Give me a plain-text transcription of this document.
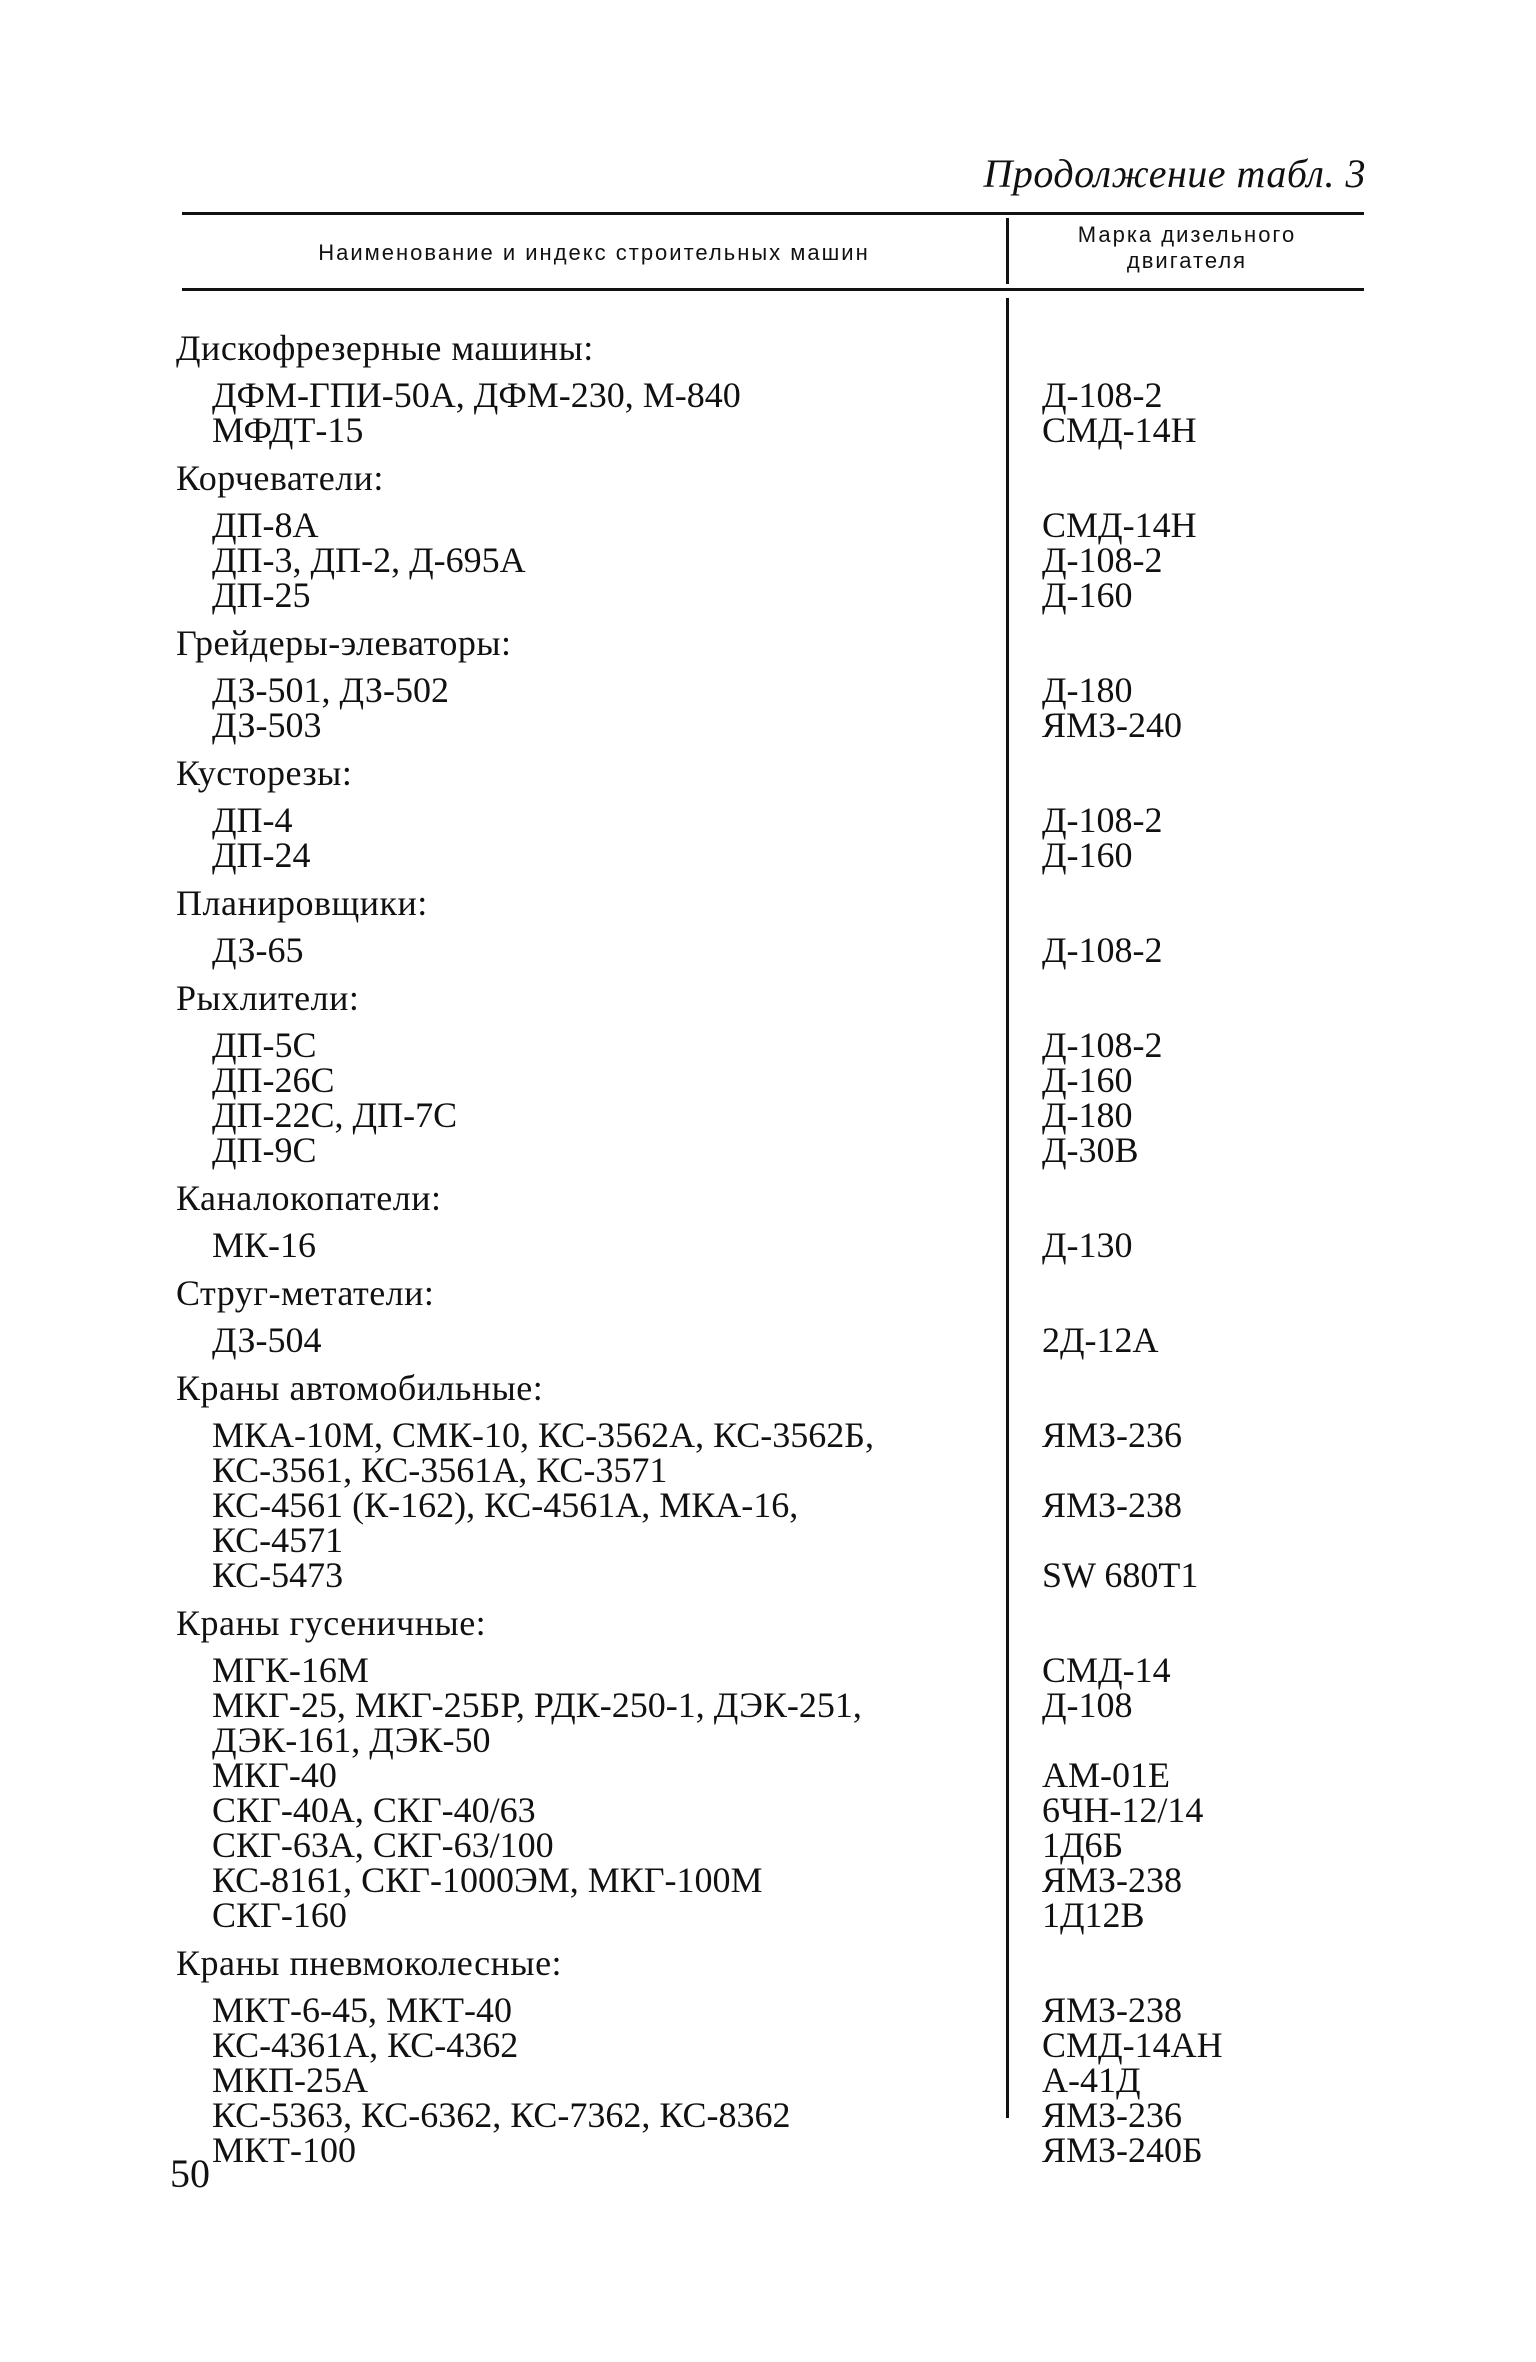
Продолжение табл. 3
Наименование и индекс строительных машин
Марка дизельного
двигателя
Дискофрезерные машины:
ДФМ-ГПИ-50А, ДФМ-230, М-840	Д-108-2
МФДТ-15	СМД-14Н
Корчеватели:
ДП-8А	СМД-14Н
ДП-3, ДП-2, Д-695А	Д-108-2
ДП-25	Д-160
Грейдеры-элеваторы:
ДЗ-501, ДЗ-502	Д-180
ДЗ-503	ЯМЗ-240
Кусторезы:
ДП-4	Д-108-2
ДП-24	Д-160
Планировщики:
ДЗ-65	Д-108-2
Рыхлители:
ДП-5С	Д-108-2
ДП-26С	Д-160
ДП-22С, ДП-7С	Д-180
ДП-9С	Д-30В
Каналокопатели:
МК-16	Д-130
Струг-метатели:
ДЗ-504	2Д-12А
Краны автомобильные:
МКА-10М, СМК-10, КС-3562А, КС-3562Б,	ЯМЗ-236
КС-3561, КС-3561А, КС-3571
КС-4561 (К-162), КС-4561А, МКА-16,	ЯМЗ-238
КС-4571
КС-5473	SW 680Т1
Краны гусеничные:
МГК-16М	СМД-14
МКГ-25, МКГ-25БР, РДК-250-1, ДЭК-251,	Д-108
ДЭК-161, ДЭК-50
МКГ-40	АМ-01Е
СКГ-40А, СКГ-40/63	6ЧН-12/14
СКГ-63А, СКГ-63/100	1Д6Б
КС-8161, СКГ-1000ЭМ, МКГ-100М	ЯМЗ-238
СКГ-160	1Д12В
Краны пневмоколесные:
МКТ-6-45, МКТ-40	ЯМЗ-238
КС-4361А, КС-4362	СМД-14АН
МКП-25А	А-41Д
КС-5363, КС-6362, КС-7362, КС-8362	ЯМЗ-236
МКТ-100	ЯМЗ-240Б
50
